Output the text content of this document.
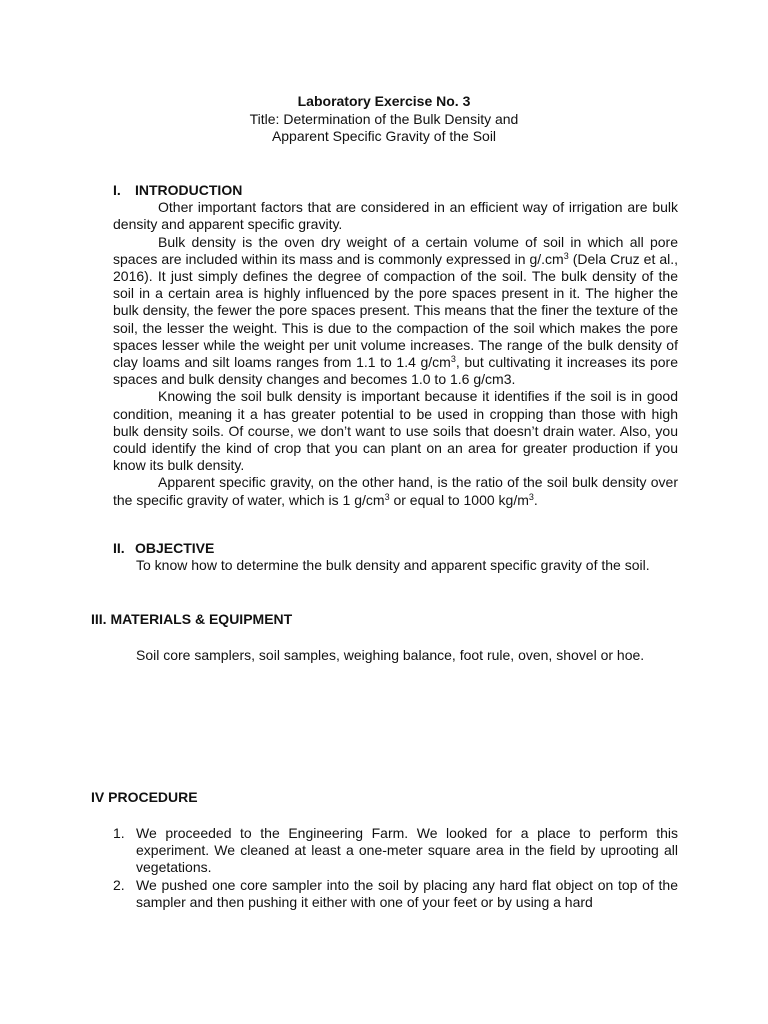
Laboratory Exercise No. 3
Title: Determination of the Bulk Density and
Apparent Specific Gravity of the Soil
I. INTRODUCTION

Other important factors that are considered in an efficient way of irrigation are bulk density and apparent specific gravity.

Bulk density is the oven dry weight of a certain volume of soil in which all pore spaces are included within its mass and is commonly expressed in $g/.cm^3$ (Dela Cruz et al., 2016). It just simply defines the degree of compaction of the soil. The bulk density of the soil in a certain area is highly influenced by the pore spaces present in it. The higher the bulk density, the fewer the pore spaces present. This means that the finer the texture of the soil, the lesser the weight. This is due to the compaction of the soil which makes the pore spaces lesser while the weight per unit volume increases. The range of the bulk density of clay loams and silt loams ranges from 1.1 to 1.4 $g/cm^3$, but cultivating it increases its pore spaces and bulk density changes and becomes 1.0 to 1.6 g/cm3.

Knowing the soil bulk density is important because it identifies if the soil is in good condition, meaning it a has greater potential to be used in cropping than those with high bulk density soils. Of course, we don’t want to use soils that doesn’t drain water. Also, you could identify the kind of crop that you can plant on an area for greater production if you know its bulk density.

Apparent specific gravity, on the other hand, is the ratio of the soil bulk density over the specific gravity of water, which is 1 $g/cm^3$ or equal to 1000 $kg/m^3$.

II. OBJECTIVE

To know how to determine the bulk density and apparent specific gravity of the soil.

III. MATERIALS & EQUIPMENT

Soil core samplers, soil samples, weighing balance, foot rule, oven, shovel or hoe.

IV PROCEDURE
1. We proceeded to the Engineering Farm. We looked for a place to perform this experiment. We cleaned at least a one-meter square area in the field by uprooting all vegetations.
2. We pushed one core sampler into the soil by placing any hard flat object on top of the sampler and then pushing it either with one of your feet or by using a hard
